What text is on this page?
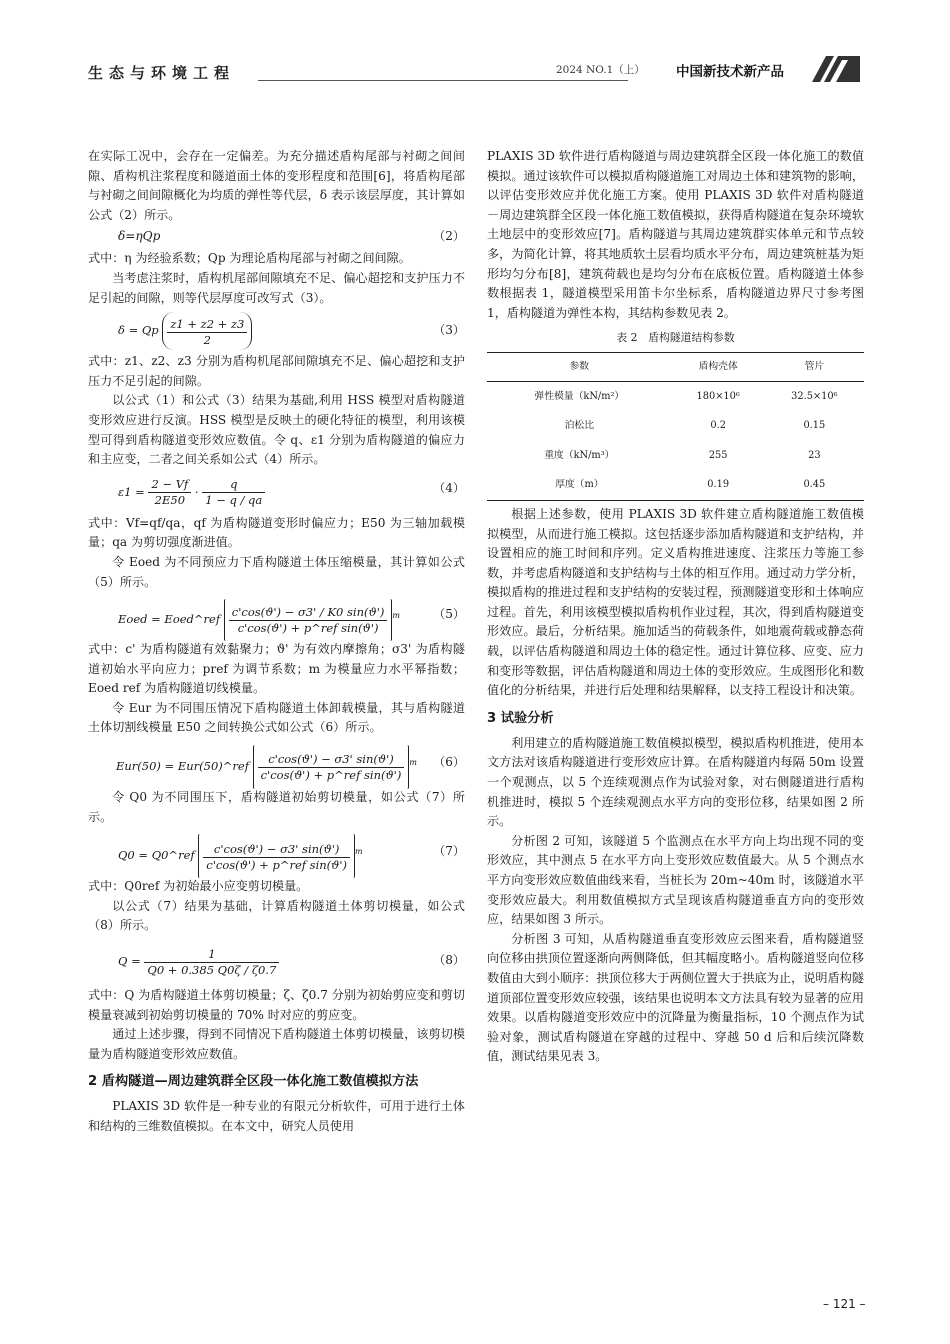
生态与环境工程	2024 NO.1（上） 中国新技术新产品

在实际工况中，会存在一定偏差。为充分描述盾构尾部与衬砌之间间隙、盾构机注浆程度和隧道面土体的变形程度和范围[6]，将盾构尾部与衬砌之间间隙概化为均质的弹性等代层，δ 表示该层厚度，其计算如公式（2）所示。

δ=ηQp	（2）

式中：η 为经验系数；Qp 为理论盾构尾部与衬砌之间间隙。

当考虑注浆时，盾构机尾部间隙填充不足、偏心超挖和支护压力不足引起的间隙，则等代层厚度可改写式（3）。

δ = Qp $\frac{z1 + z2 + z3}{2}$	（3）

式中：z1、z2、z3 分别为盾构机尾部间隙填充不足、偏心超挖和支护压力不足引起的间隙。

以公式（1）和公式（3）结果为基础,利用 HSS 模型对盾构隧道变形效应进行反演。HSS 模型是反映土的硬化特征的模型，利用该模型可得到盾构隧道变形效应数值。令 q、ε1 分别为盾构隧道的偏应力和主应变，二者之间关系如公式（4）所示。

$\varepsilon 1 = \frac{2 - Vf}{2E50} \cdot \frac{q}{1 - q / qa}$	（4）

式中：Vf=qf/qa，qf 为盾构隧道变形时偏应力；E50 为三轴加载模量；qa 为剪切强度渐进值。

令 Eoed 为不同预应力下盾构隧道土体压缩模量，其计算如公式（5）所示。

Eoed = Eoed^ref $\frac{c'\cos(ϑ') - \sigma 3' / K0 \sin(ϑ')}{\text{c'cos(ϑ') + p\textasciicircum{}ref sin(ϑ')}} ^m$	（5）

式中：c' 为盾构隧道有效黏聚力；ϑ' 为有效内摩擦角；σ3' 为盾构隧道初始水平向应力；pref 为调节系数；m 为模量应力水平幂指数；Eoed ref 为盾构隧道切线模量。

令 Eur 为不同围压情况下盾构隧道土体卸载模量，其与盾构隧道土体切割线模量 E50 之间转换公式如公式（6）所示。

Eur(50) = Eur(50)^ref $\frac{c'\cos(ϑ') - \sigma 3' \sin(ϑ')}{\text{c'cos(ϑ') + p\textasciicircum{}ref sin(ϑ')}} ^m$	（6）

令 Q0 为不同围压下，盾构隧道初始剪切模量，如公式（7）所示。

Q0 = Q0^ref $\frac{c'\cos(ϑ') - \sigma 3' \sin(ϑ')}{\text{c'cos(ϑ') + p\textasciicircum{}ref sin(ϑ')}} ^m$	（7）

式中：Q0ref 为初始最小应变剪切模量。

以公式（7）结果为基础，计算盾构隧道土体剪切模量，如公式（8）所示。

$Q = \frac{1}{Q0 + 0.385 Q0\zeta / \zeta 0.7}$	（8）

式中：Q 为盾构隧道土体剪切模量；ζ、ζ0.7 分别为初始剪应变和剪切模量衰减到初始剪切模量的 70% 时对应的剪应变。

通过上述步骤，得到不同情况下盾构隧道土体剪切模量，该剪切模量为盾构隧道变形效应数值。

2 盾构隧道—周边建筑群全区段一体化施工数值模拟方法

PLAXIS 3D 软件是一种专业的有限元分析软件，可用于进行土体和结构的三维数值模拟。在本文中，研究人员使用

PLAXIS 3D 软件进行盾构隧道与周边建筑群全区段一体化施工的数值模拟。通过该软件可以模拟盾构隧道施工对周边土体和建筑物的影响，以评估变形效应并优化施工方案。使用 PLAXIS 3D 软件对盾构隧道－周边建筑群全区段一体化施工数值模拟，获得盾构隧道在复杂环境软土地层中的变形效应[7]。盾构隧道与其周边建筑群实体单元和节点较多，为简化计算，将其地质软土层看均质水平分布，周边建筑桩基为矩形均匀分布[8]，建筑荷载也是均匀分布在底板位置。盾构隧道土体参数根据表 1，隧道模型采用笛卡尔坐标系，盾构隧道边界尺寸参考图 1，盾构隧道为弹性本构，其结构参数见表 2。

表 2　盾构隧道结构参数
参数	盾构壳体	管片
弹性模量（kN/m²）	180×10⁶	32.5×10⁶
泊松比	0.2	0.15
重度（kN/m³）	255	23
厚度（m）	0.19	0.45

根据上述参数，使用 PLAXIS 3D 软件建立盾构隧道施工数值模拟模型，从而进行施工模拟。这包括逐步添加盾构隧道和支护结构，并设置相应的施工时间和序列。定义盾构推进速度、注浆压力等施工参数，并考虑盾构隧道和支护结构与土体的相互作用。通过动力学分析，模拟盾构的推进过程和支护结构的安装过程，预测隧道变形和土体响应过程。首先，利用该模型模拟盾构机作业过程，其次，得到盾构隧道变形效应。最后，分析结果。施加适当的荷载条件，如地震荷载或静态荷载，以评估盾构隧道和周边土体的稳定性。通过计算位移、应变、应力和变形等数据，评估盾构隧道和周边土体的变形效应。生成图形化和数值化的分析结果，并进行后处理和结果解释，以支持工程设计和决策。

3 试验分析

利用建立的盾构隧道施工数值模拟模型，模拟盾构机推进，使用本文方法对该盾构隧道进行变形效应计算。在盾构隧道内每隔 50m 设置一个观测点，以 5 个连续观测点作为试验对象，对右侧隧道进行盾构机推进时，模拟 5 个连续观测点水平方向的变形位移，结果如图 2 所示。

分析图 2 可知，该隧道 5 个监测点在水平方向上均出现不同的变形效应，其中测点 5 在水平方向上变形效应数值最大。从 5 个测点水平方向变形效应数值曲线来看，当桩长为 20m~40m 时，该隧道水平变形效应最大。利用数值模拟方式呈现该盾构隧道垂直方向的变形效应，结果如图 3 所示。

分析图 3 可知，从盾构隧道垂直变形效应云图来看，盾构隧道竖向位移由拱顶位置逐渐向两侧降低，但其幅度略小。盾构隧道竖向位移数值由大到小顺序：拱顶位移大于两侧位置大于拱底为止，说明盾构隧道顶部位置变形效应较强，该结果也说明本文方法具有较为显著的应用效果。以盾构隧道变形效应中的沉降量为衡量指标，10 个测点作为试验对象，测试盾构隧道在穿越的过程中、穿越 50 d 后和后续沉降数值，测试结果见表 3。

– 121 –
